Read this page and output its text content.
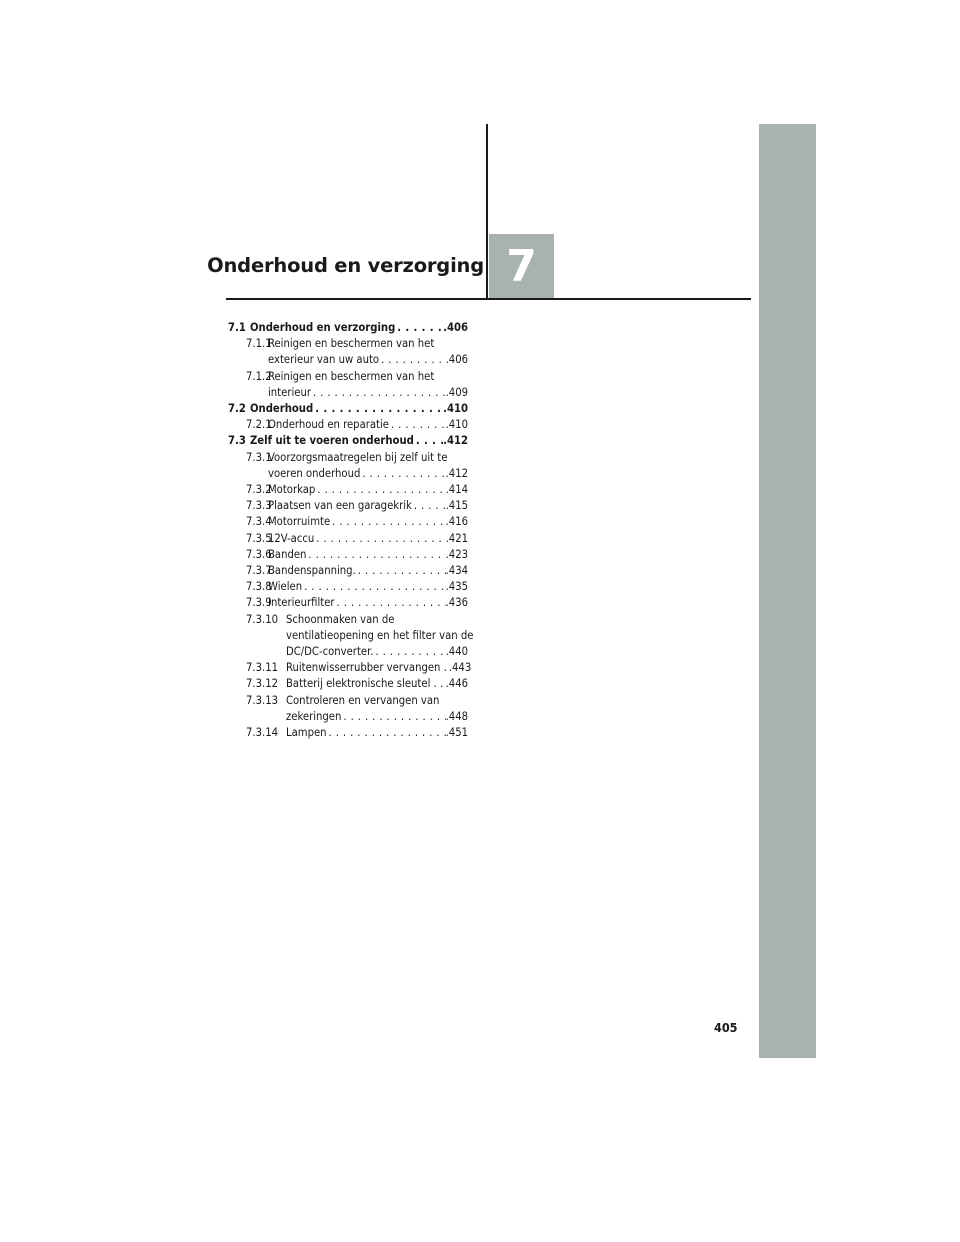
Onderhoud en verzorging 7
7.1 Onderhoud en verzorging . . .	.406
7.1.1
Reinigen en beschermen van het
exterieur van uw auto . . .	.406
7.1.2
Reinigen en beschermen van het
interieur . . .	.409
7.2 Onderhoud . . .	.410
7.2.1
Onderhoud en reparatie . . .	.410
7.3 Zelf uit te voeren onderhoud . . .	.412
7.3.1
Voorzorgsmaatregelen bij zelf uit te
voeren onderhoud . . .	.412
7.3.2
Motorkap . . .	.414
7.3.3
Plaatsen van een garagekrik . . .	.415
7.3.4
Motorruimte . . .	.416
7.3.5
12V-accu . . .	.421
7.3.6
Banden . . .	.423
7.3.7
Bandenspanning. . . .	.434
7.3.8
Wielen . . .	.435
7.3.9
Interieurfilter . . .	.436
7.3.10 Schoonmaken van de
ventilatieopening en het filter van de
DC/DC-converter. . . .	.440
7.3.11 Ruitenwisserrubber vervangen . . . . .443
7.3.12 Batterij elektronische sleutel . . . . . .446
7.3.13 Controleren en vervangen van
zekeringen . . .	.448
7.3.14 Lampen . . .	.451
405
